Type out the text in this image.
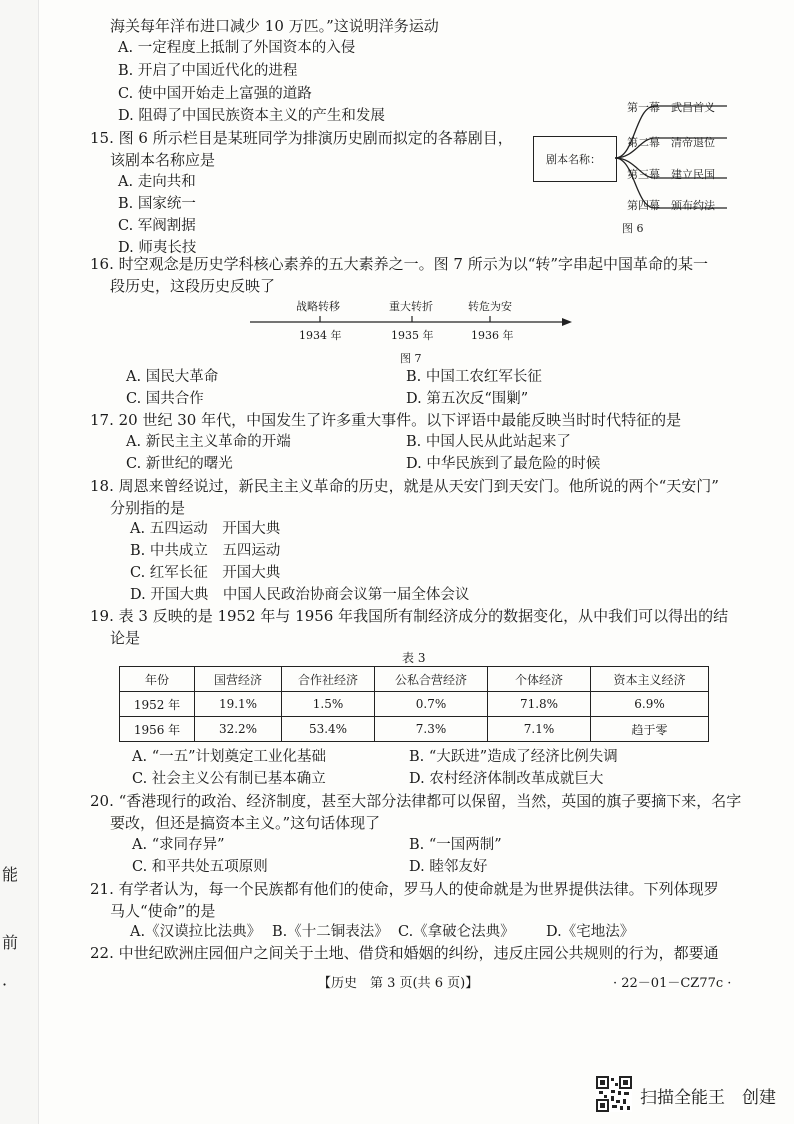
能
前
·
海关每年洋布进口减少 10 万匹。”这说明洋务运动
A. 一定程度上抵制了外国资本的入侵
B. 开启了中国近代化的进程
C. 使中国开始走上富强的道路
D. 阻碍了中国民族资本主义的产生和发展
15. 图 6 所示栏目是某班同学为排演历史剧而拟定的各幕剧目，
该剧本名称应是
A. 走向共和
B. 国家统一
C. 军阀割据
D. 师夷长技
剧本名称：
第一幕　武昌首义
第二幕　清帝退位
第三幕　建立民国
第四幕　颁布约法
图 6
16. 时空观念是历史学科核心素养的五大素养之一。图 7 所示为以“转”字串起中国革命的某一
段历史，这段历史反映了
战略转移	重大转折	转危为安
1934 年	1935 年	1936 年
图 7
A. 国民大革命	B. 中国工农红军长征
C. 国共合作	D. 第五次反“围剿”
17. 20 世纪 30 年代，中国发生了许多重大事件。以下评语中最能反映当时时代特征的是
A. 新民主主义革命的开端	B. 中国人民从此站起来了
C. 新世纪的曙光	D. 中华民族到了最危险的时候
18. 周恩来曾经说过，新民主主义革命的历史，就是从天安门到天安门。他所说的两个“天安门”
分别指的是
A. 五四运动　开国大典
B. 中共成立　五四运动
C. 红军长征　开国大典
D. 开国大典　中国人民政治协商会议第一届全体会议
19. 表 3 反映的是 1952 年与 1956 年我国所有制经济成分的数据变化，从中我们可以得出的结
论是
表 3
年份	国营经济	合作社经济	公私合营经济	个体经济	资本主义经济
1952 年	19.1%	1.5%	0.7%	71.8%	6.9%
1956 年	32.2%	53.4%	7.3%	7.1%	趋于零
A. “一五”计划奠定工业化基础	B. “大跃进”造成了经济比例失调
C. 社会主义公有制已基本确立	D. 农村经济体制改革成就巨大
20. “香港现行的政治、经济制度，甚至大部分法律都可以保留，当然，英国的旗子要摘下来，名字
要改，但还是搞资本主义。”这句话体现了
A. “求同存异”	B. “一国两制”
C. 和平共处五项原则	D. 睦邻友好
21. 有学者认为，每一个民族都有他们的使命，罗马人的使命就是为世界提供法律。下列体现罗
马人“使命”的是
A.《汉谟拉比法典》 B.《十二铜表法》 C.《拿破仑法典》 D.《宅地法》
22. 中世纪欧洲庄园佃户之间关于土地、借贷和婚姻的纠纷，违反庄园公共规则的行为，都要通
【历史　第 3 页(共 6 页)】	· 22－01－CZ77c ·
扫描全能王　创建
